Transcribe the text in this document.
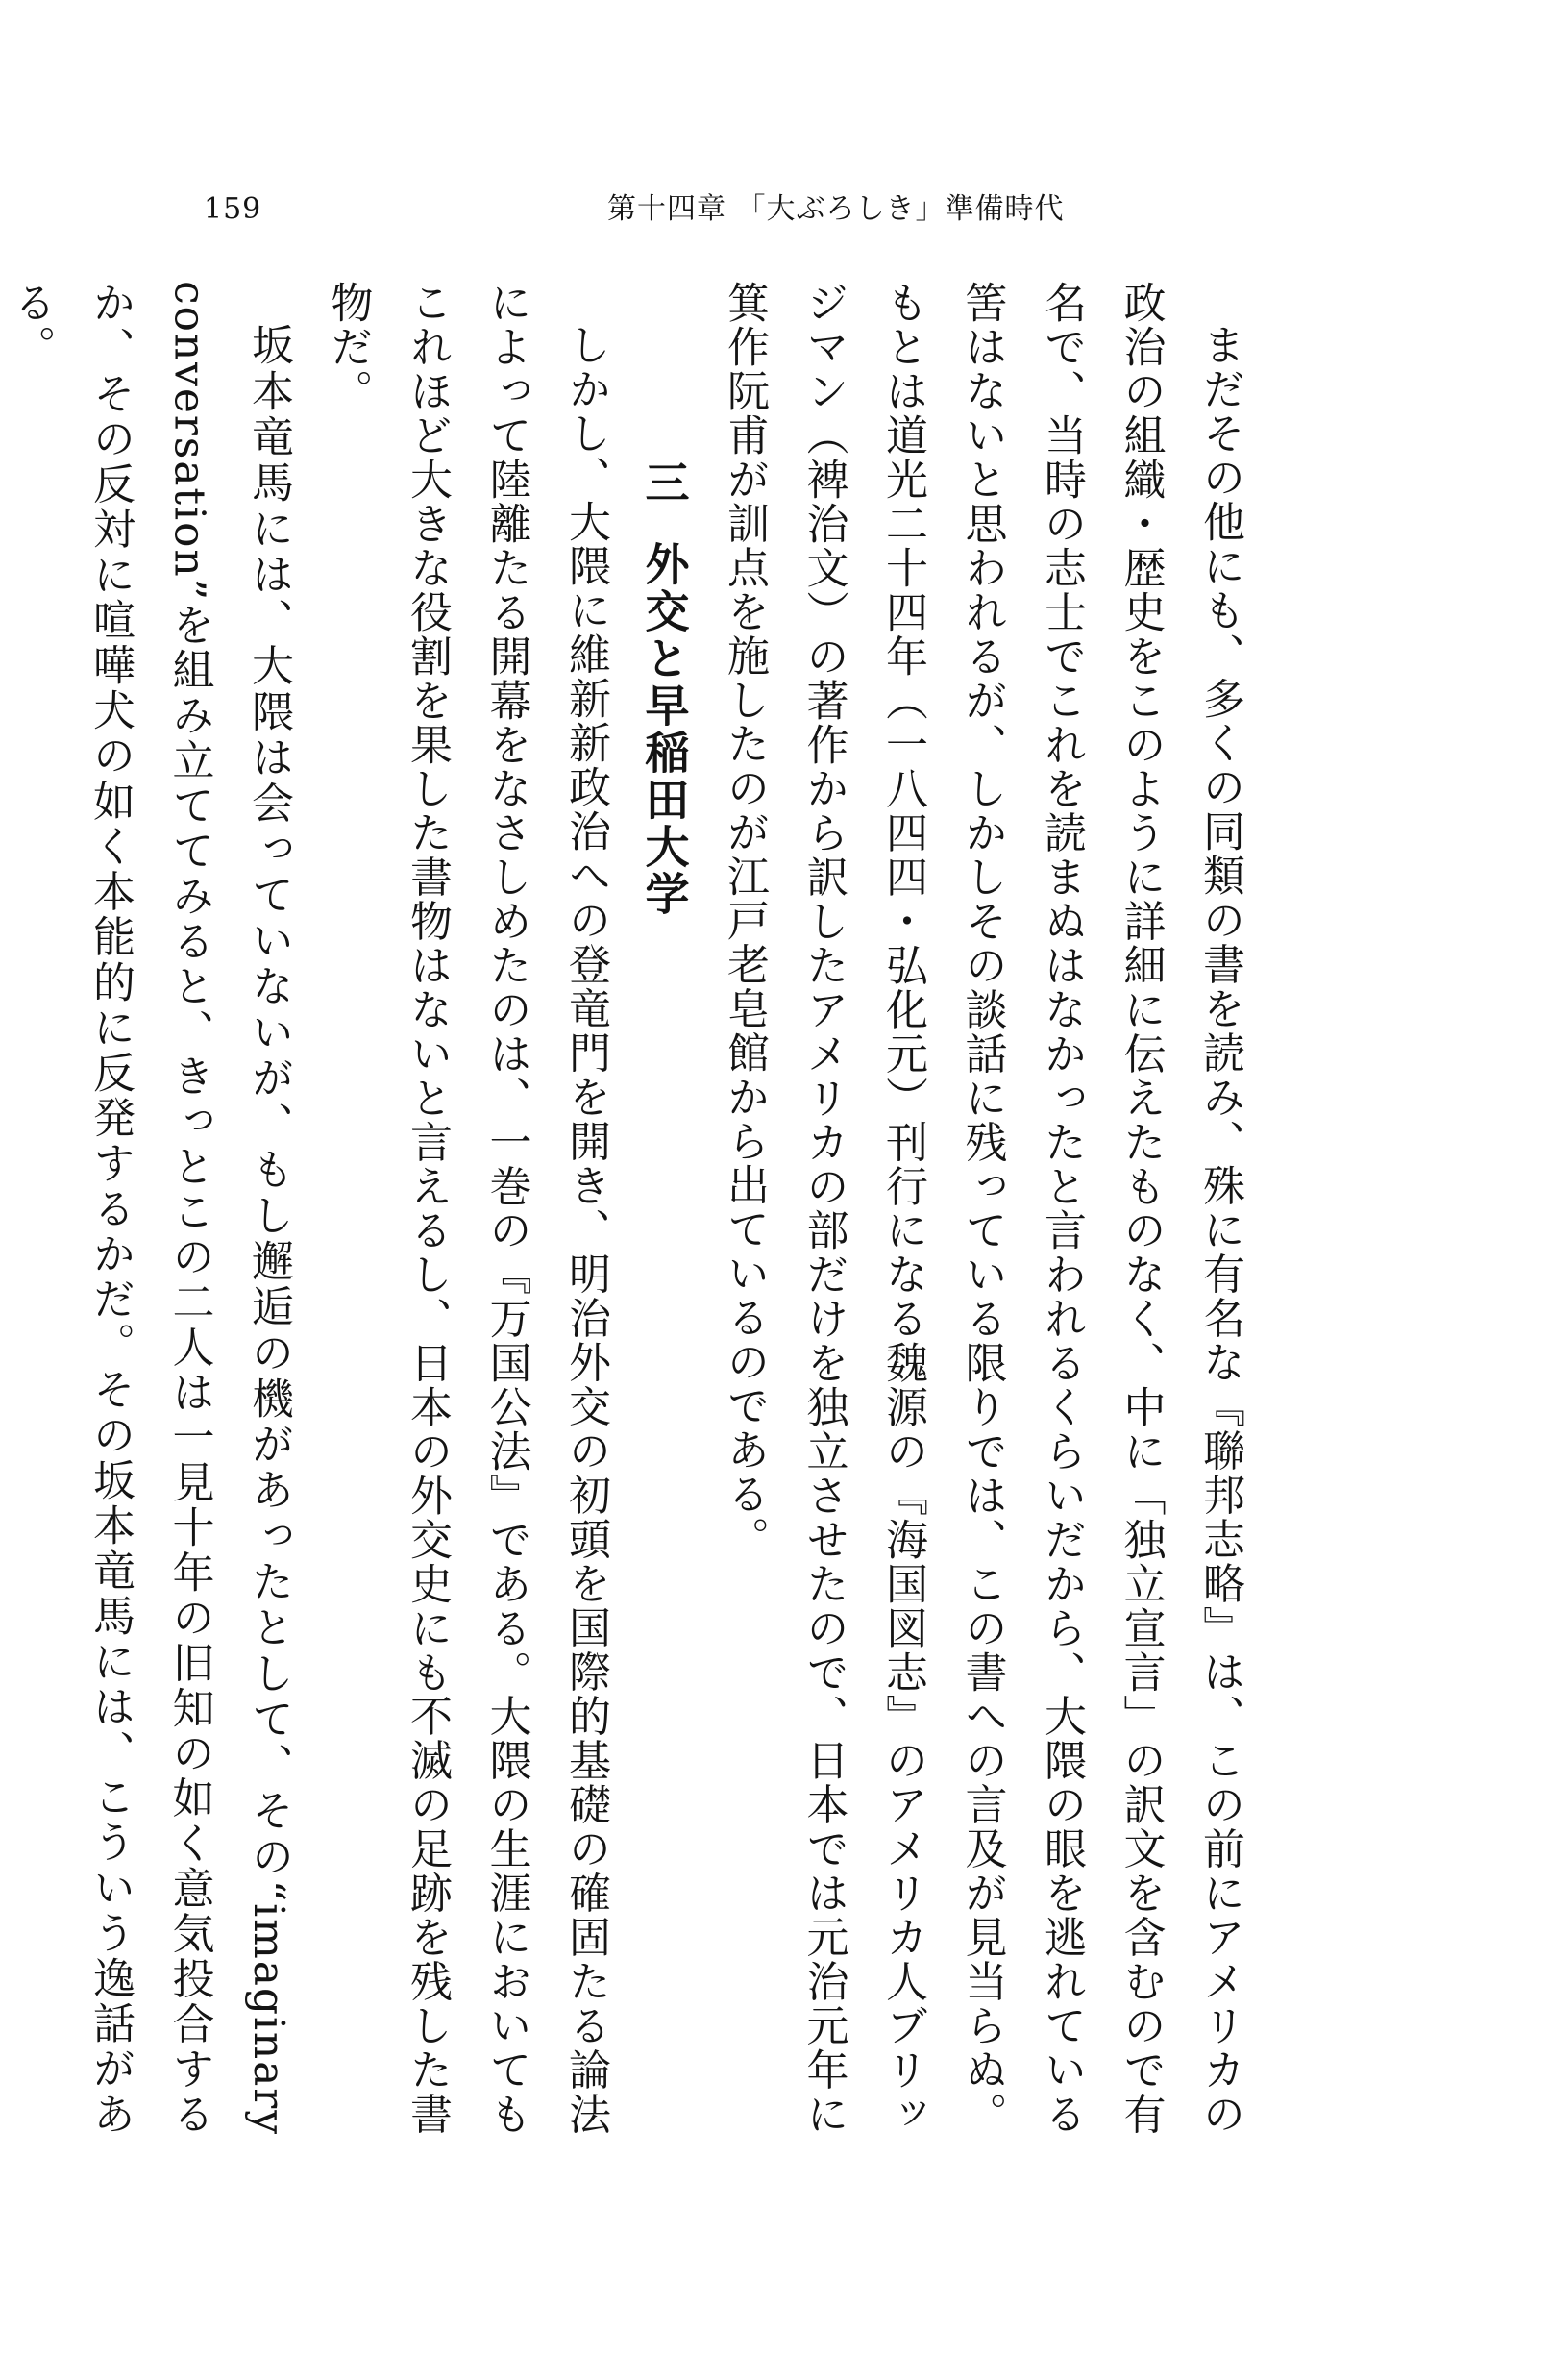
159	第十四章 「大ぶろしき」準備時代

まだその他にも、多くの同類の書を読み、殊に有名な『聯邦志略』は、この前にアメリカの政治の組織・歴史をこのように詳細に伝えたものなく、中に「独立宣言」の訳文を含むので有名で、当時の志士でこれを読まぬはなかったと言われるくらいだから、大隈の眼を逃れている筈はないと思われるが、しかしその談話に残っている限りでは、この書への言及が見当らぬ。もとは道光二十四年（一八四四・弘化元）刊行になる魏源の『海国図志』のアメリカ人ブリッジマン（裨治文）の著作から訳したアメリカの部だけを独立させたので、日本では元治元年に箕作阮甫が訓点を施したのが江戸老皂館から出ているのである。

三外交と早稲田大学

しかし、大隈に維新新政治への登竜門を開き、明治外交の初頭を国際的基礎の確固たる論法によって陸離たる開幕をなさしめたのは、一巻の『万国公法』である。大隈の生涯においてもこれほど大きな役割を果した書物はないと言えるし、日本の外交史にも不滅の足跡を残した書物だ。

坂本竜馬には、大隈は会っていないが、もし邂逅の機があったとして、その“imaginary conversation”を組み立ててみると、きっとこの二人は一見十年の旧知の如く意気投合するか、その反対に喧嘩犬の如く本能的に反発するかだ。その坂本竜馬には、こういう逸話がある。
